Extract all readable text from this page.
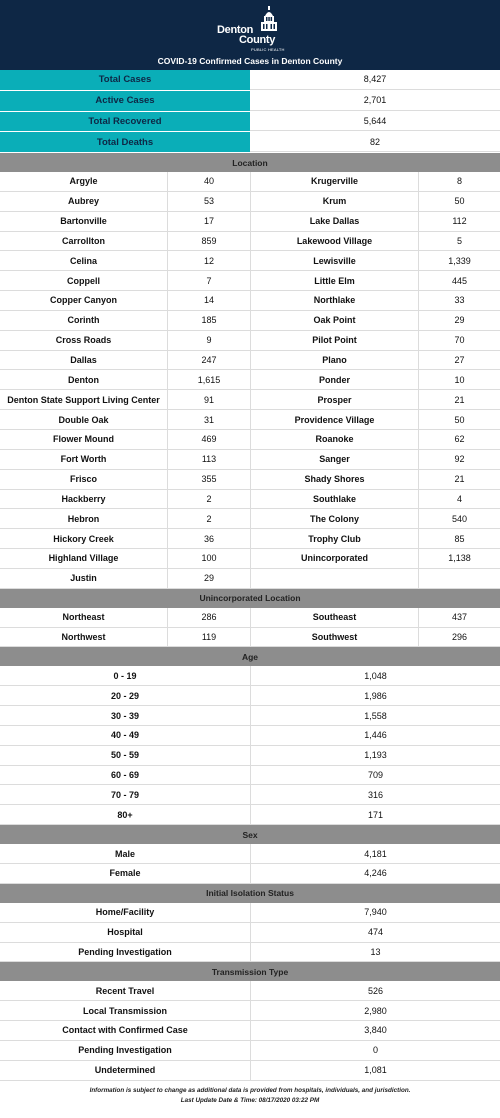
Denton
County
PUBLIC HEALTH
COVID-19 Confirmed Cases in Denton County
Total Cases	8,427
Active Cases	2,701
Total Recovered	5,644
Total Deaths	82
Location
Argyle	40	Krugerville	8
Aubrey	53	Krum	50
Bartonville	17	Lake Dallas	112
Carrollton	859	Lakewood Village	5
Celina	12	Lewisville	1,339
Coppell	7	Little Elm	445
Copper Canyon	14	Northlake	33
Corinth	185	Oak Point	29
Cross Roads	9	Pilot Point	70
Dallas	247	Plano	27
Denton	1,615	Ponder	10
Denton State Support Living Center	91	Prosper	21
Double Oak	31	Providence Village	50
Flower Mound	469	Roanoke	62
Fort Worth	113	Sanger	92
Frisco	355	Shady Shores	21
Hackberry	2	Southlake	4
Hebron	2	The Colony	540
Hickory Creek	36	Trophy Club	85
Highland Village	100	Unincorporated	1,138
Justin	29
Unincorporated Location
Northeast	286	Southeast	437
Northwest	119	Southwest	296
Age
0 - 19	1,048
20 - 29	1,986
30 - 39	1,558
40 - 49	1,446
50 - 59	1,193
60 - 69	709
70 - 79	316
80+	171
Sex
Male	4,181
Female	4,246
Initial Isolation Status
Home/Facility	7,940
Hospital	474
Pending Investigation	13
Transmission Type
Recent Travel	526
Local Transmission	2,980
Contact with Confirmed Case	3,840
Pending Investigation	0
Undetermined	1,081
Information is subject to change as additional data is provided from hospitals, individuals, and jurisdiction.
Last Update Date & Time: 08/17/2020 03:22 PM
